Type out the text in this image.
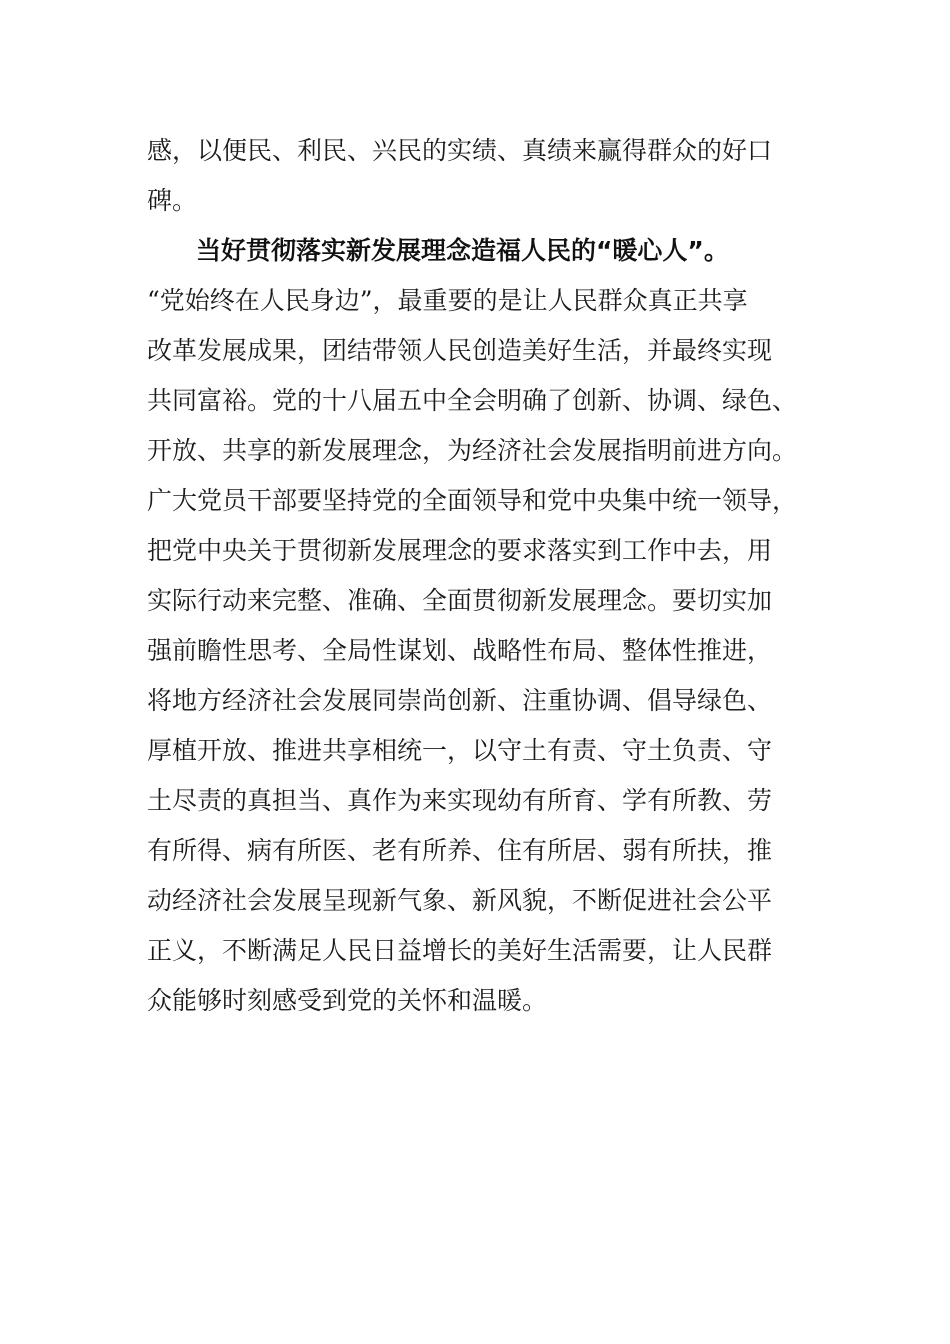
感，以便民、利民、兴民的实绩、真绩来赢得群众的好口
碑。
当好贯彻落实新发展理念造福人民的“暖心人”。
“党始终在人民身边”，最重要的是让人民群众真正共享
改革发展成果，团结带领人民创造美好生活，并最终实现
共同富裕。党的十八届五中全会明确了创新、协调、绿色、
开放、共享的新发展理念，为经济社会发展指明前进方向。
广大党员干部要坚持党的全面领导和党中央集中统一领导，
把党中央关于贯彻新发展理念的要求落实到工作中去，用
实际行动来完整、准确、全面贯彻新发展理念。要切实加
强前瞻性思考、全局性谋划、战略性布局、整体性推进，
将地方经济社会发展同崇尚创新、注重协调、倡导绿色、
厚植开放、推进共享相统一，以守土有责、守土负责、守
土尽责的真担当、真作为来实现幼有所育、学有所教、劳
有所得、病有所医、老有所养、住有所居、弱有所扶，推
动经济社会发展呈现新气象、新风貌，不断促进社会公平
正义，不断满足人民日益增长的美好生活需要，让人民群
众能够时刻感受到党的关怀和温暖。
